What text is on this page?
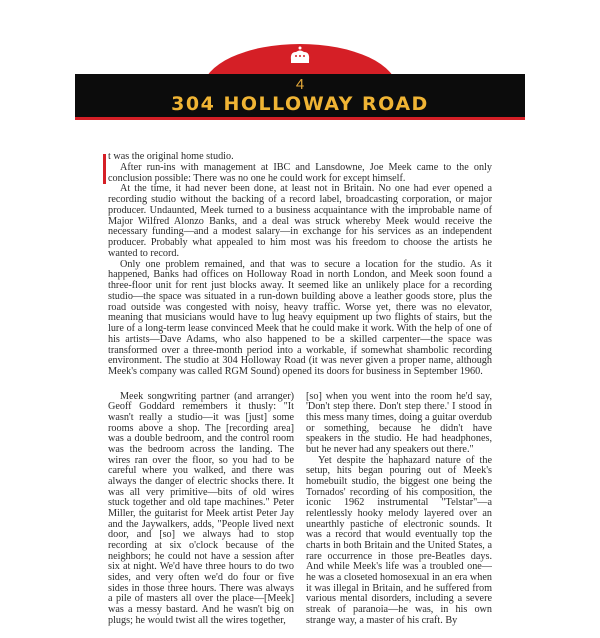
4
304 HOLLOWAY ROAD

t was the original home studio.

After run-ins with management at IBC and Lansdowne, Joe Meek came to the only conclusion possible: There was no one he could work for except himself.

At the time, it had never been done, at least not in Britain. No one had ever opened a recording studio without the backing of a record label, broadcasting corporation, or major producer. Undaunted, Meek turned to a business acquaintance with the improbable name of Major Wilfred Alonzo Banks, and a deal was struck whereby Meek would receive the necessary funding—and a modest salary—in exchange for his services as an independent producer. Probably what appealed to him most was his freedom to choose the artists he wanted to record.

Only one problem remained, and that was to secure a location for the studio. As it happened, Banks had offices on Holloway Road in north London, and Meek soon found a three-floor unit for rent just blocks away. It seemed like an unlikely place for a recording studio—the space was situated in a run-down building above a leather goods store, plus the road outside was congested with noisy, heavy traffic. Worse yet, there was no elevator, meaning that musicians would have to lug heavy equipment up two flights of stairs, but the lure of a long-term lease convinced Meek that he could make it work. With the help of one of his artists—Dave Adams, who also happened to be a skilled carpenter—the space was transformed over a three-month period into a workable, if somewhat shambolic recording environment. The studio at 304 Holloway Road (it was never given a proper name, although Meek's company was called RGM Sound) opened its doors for business in September 1960.

Meek songwriting partner (and arranger) Geoff Goddard remembers it thusly: "It wasn't really a studio—it was [just] some rooms above a shop. The [recording area] was a double bedroom, and the control room was the bedroom across the landing. The wires ran over the floor, so you had to be careful where you walked, and there was always the danger of electric shocks there. It was all very primitive—bits of old wires stuck together and old tape machines." Peter Miller, the guitarist for Meek artist Peter Jay and the Jaywalkers, adds, "People lived next door, and [so] we always had to stop recording at six o'clock because of the neighbors; he could not have a session after six at night. We'd have three hours to do two sides, and very often we'd do four or five sides in those three hours. There was always a pile of masters all over the place—[Meek] was a messy bastard. And he wasn't big on plugs; he would twist all the wires together,

[so] when you went into the room he'd say, 'Don't step there. Don't step there.' I stood in this mess many times, doing a guitar overdub or something, because he didn't have speakers in the studio. He had headphones, but he never had any speakers out there."

Yet despite the haphazard nature of the setup, hits began pouring out of Meek's homebuilt studio, the biggest one being the Tornados' recording of his composition, the iconic 1962 instrumental "Telstar"—a relentlessly hooky melody layered over an unearthly pastiche of electronic sounds. It was a record that would eventually top the charts in both Britain and the United States, a rare occurrence in those pre-Beatles days. And while Meek's life was a troubled one—he was a closeted homosexual in an era when it was illegal in Britain, and he suffered from various mental disorders, including a severe streak of paranoia—he was, in his own strange way, a master of his craft. By
